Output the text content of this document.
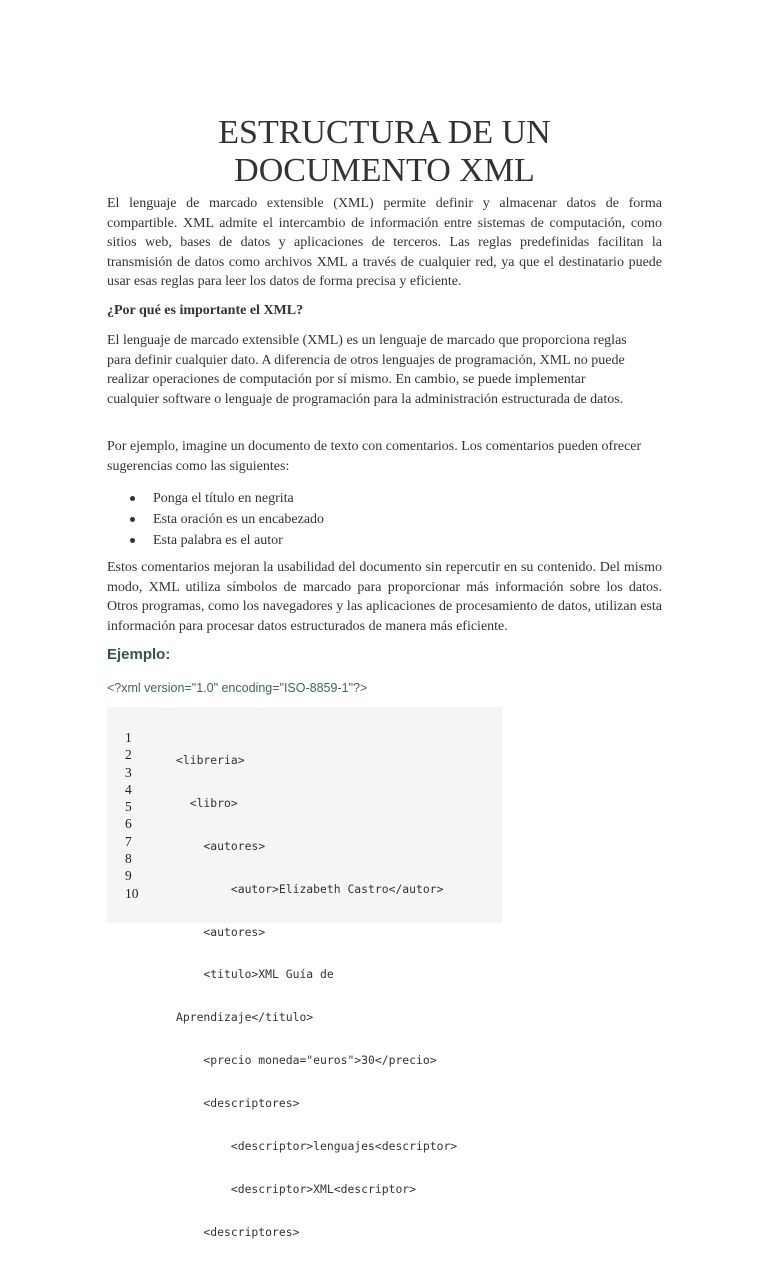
ESTRUCTURA DE UN DOCUMENTO XML

El lenguaje de marcado extensible (XML) permite definir y almacenar datos de forma compartible. XML admite el intercambio de información entre sistemas de computación, como sitios web, bases de datos y aplicaciones de terceros. Las reglas predefinidas facilitan la transmisión de datos como archivos XML a través de cualquier red, ya que el destinatario puede usar esas reglas para leer los datos de forma precisa y eficiente.

¿Por qué es importante el XML?

El lenguaje de marcado extensible (XML) es un lenguaje de marcado que proporciona reglas para definir cualquier dato. A diferencia de otros lenguajes de programación, XML no puede realizar operaciones de computación por sí mismo. En cambio, se puede implementar cualquier software o lenguaje de programación para la administración estructurada de datos.

Por ejemplo, imagine un documento de texto con comentarios. Los comentarios pueden ofrecer sugerencias como las siguientes:

Ponga el título en negrita
Esta oración es un encabezado
Esta palabra es el autor

Estos comentarios mejoran la usabilidad del documento sin repercutir en su contenido. Del mismo modo, XML utiliza símbolos de marcado para proporcionar más información sobre los datos. Otros programas, como los navegadores y las aplicaciones de procesamiento de datos, utilizan esta información para procesar datos estructurados de manera más eficiente.

Ejemplo:

<?xml version="1.0" encoding="ISO-8859-1"?>

1
2
3
4
5
6
7
8
9
10

<libreria>

<libro>

<autores>

<autor>Elizabeth Castro</autor>

<autores>

<titulo>XML Guía de

Aprendizaje</titulo>

<precio moneda="euros">30</precio>

<descriptores>

<descriptor>lenguajes<descriptor>

<descriptor>XML<descriptor>

<descriptores>
